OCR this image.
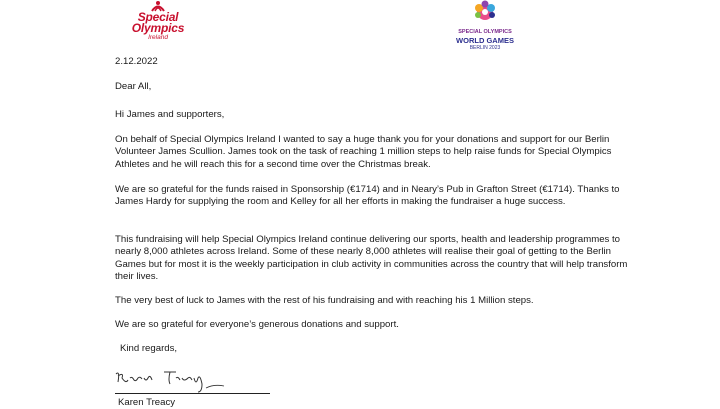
Special Olympics
Ireland
SPECIAL OLYMPICS
WORLD GAMES
BERLIN 2023

2.12.2022

Dear All,

Hi James and supporters,

On behalf of Special Olympics Ireland I wanted to say a huge thank you for your donations and support for our Berlin Volunteer James Scullion. James took on the task of reaching 1 million steps to help raise funds for Special Olympics Athletes and he will reach this for a second time over the Christmas break.

We are so grateful for the funds raised in Sponsorship (€1714) and in Neary’s Pub in Grafton Street (€1714). Thanks to James Hardy for supplying the room and Kelley for all her efforts in making the fundraiser a huge success.

This fundraising will help Special Olympics Ireland continue delivering our sports, health and leadership programmes to nearly 8,000 athletes across Ireland. Some of these nearly 8,000 athletes will realise their goal of getting to the Berlin Games but for most it is the weekly participation in club activity in communities across the country that will help transform their lives.

The very best of luck to James with the rest of his fundraising and with reaching his 1 Million steps.

We are so grateful for everyone’s generous donations and support.

Kind regards,

Karen Treacy
